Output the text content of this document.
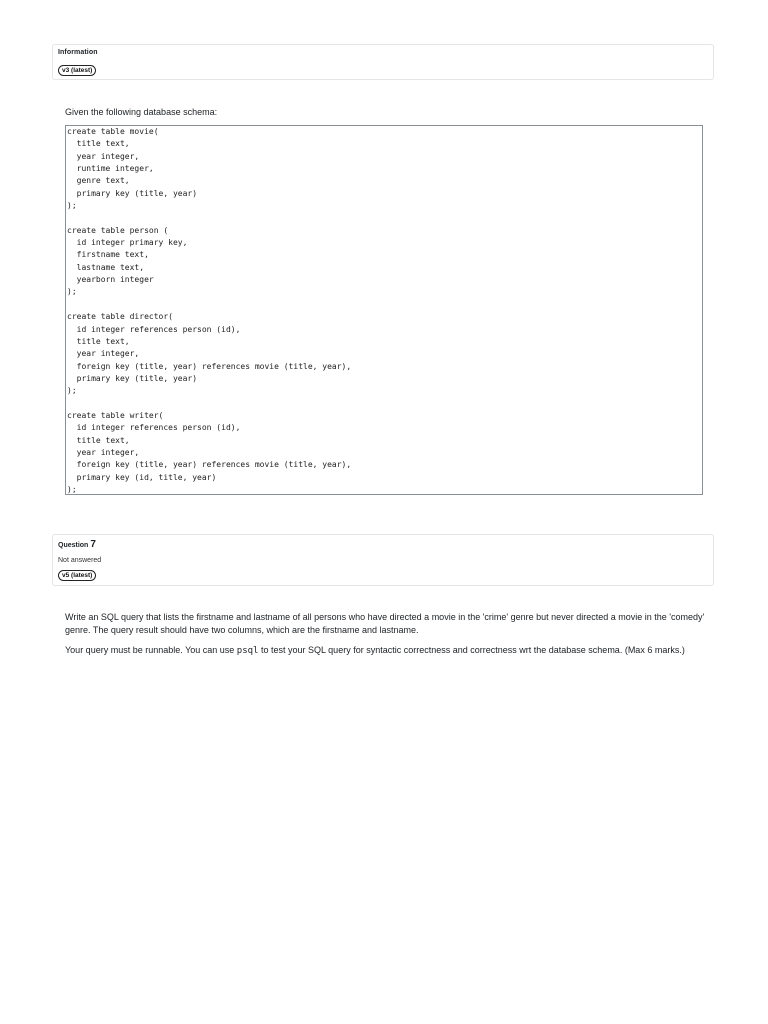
Information
v3 (latest)
Given the following database schema:
create table movie(
title text,
year integer,
runtime integer,
genre text,
primary key (title, year)
);

create table person (
id integer primary key,
firstname text,
lastname text,
yearborn integer
);

create table director(
id integer references person (id),
title text,
year integer,
foreign key (title, year) references movie (title, year),
primary key (title, year)
);

create table writer(
id integer references person (id),
title text,
year integer,
foreign key (title, year) references movie (title, year),
primary key (id, title, year)
);
Question 7
Not answered
v5 (latest)
Write an SQL query that lists the firstname and lastname of all persons who have directed a movie in the 'crime' genre but never directed a movie in the 'comedy' genre. The query result should have two columns, which are the firstname and lastname.
Your query must be runnable. You can use psql to test your SQL query for syntactic correctness and correctness wrt the database schema. (Max 6 marks.)
